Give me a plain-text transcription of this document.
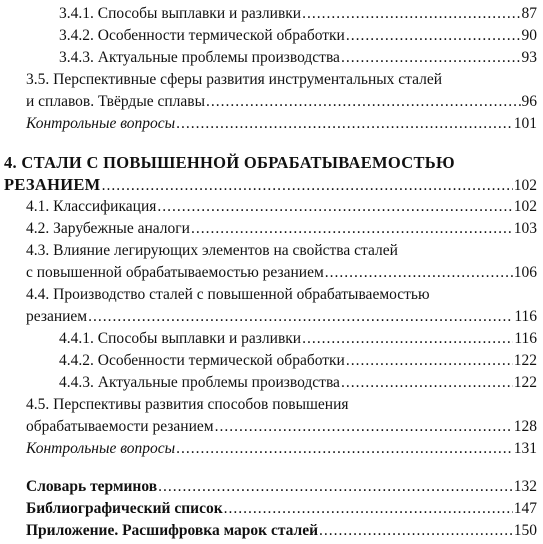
3.4.1. Способы выплавки и разливки .....	87
3.4.2. Особенности термической обработки .....	90
3.4.3. Актуальные проблемы производства .....	93
3.5. Перспективные сферы развития инструментальных сталей
и сплавов. Твёрдые сплавы .....	96
Контрольные вопросы .....	101
4. СТАЛИ С ПОВЫШЕННОЙ ОБРАБАТЫВАЕМОСТЬЮ
РЕЗАНИЕМ .....	102
4.1. Классификация .....	102
4.2. Зарубежные аналоги .....	103
4.3. Влияние легирующих элементов на свойства сталей
с повышенной обрабатываемостью резанием .....	106
4.4. Производство сталей с повышенной обрабатываемостью
резанием .....	116
4.4.1. Способы выплавки и разливки .....	116
4.4.2. Особенности термической обработки .....	122
4.4.3. Актуальные проблемы производства .....	122
4.5. Перспективы развития способов повышения
обрабатываемости резанием .....	128
Контрольные вопросы .....	131
Словарь терминов .....	132
Библиографический список .....	147
Приложение. Расшифровка марок сталей .....	150
